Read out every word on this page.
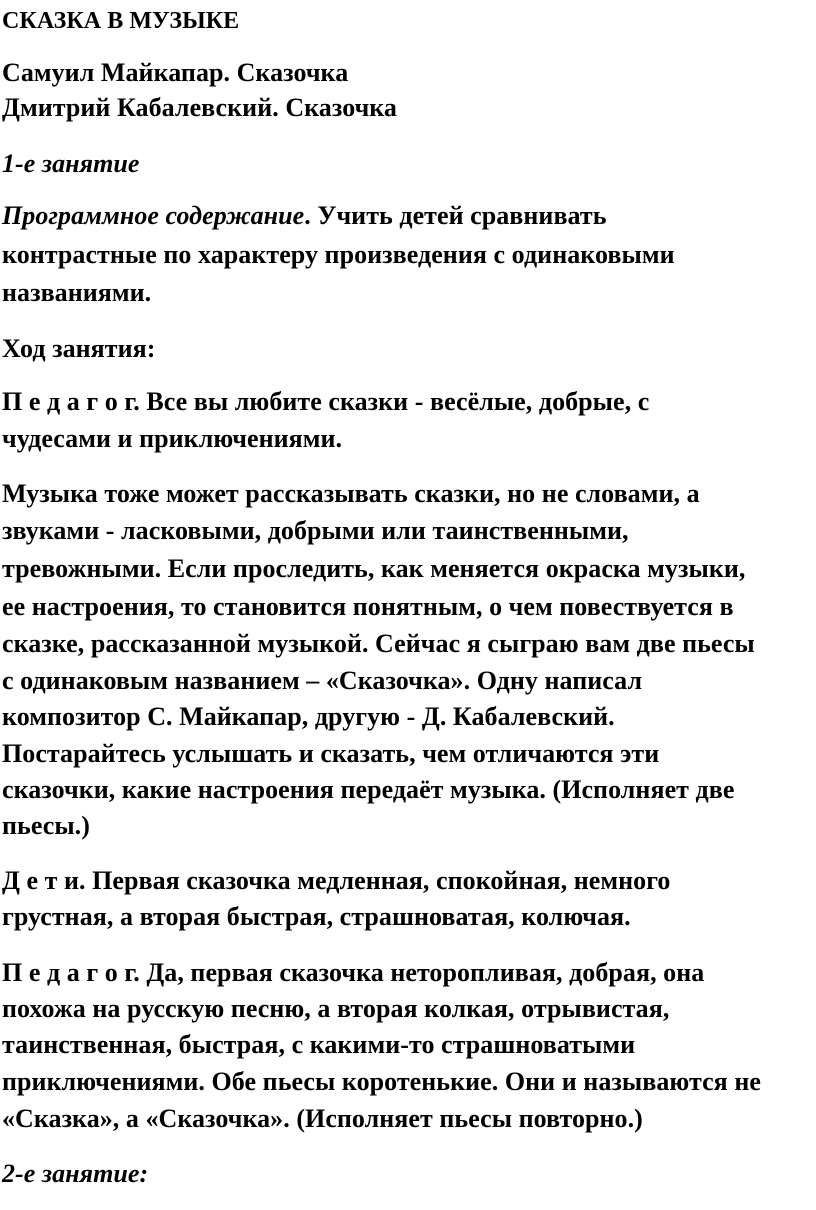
СКАЗКА В МУЗЫКЕ
Самуил Майкапар. Сказочка
Дмитрий Кабалевский. Сказочка
1-е занятие
Программное содержание. Учить детей сравнивать
контрастные по характеру произведения с одинаковыми
названиями.
Ход занятия:
П е д а г о г. Все вы любите сказки - весёлые, добрые, с
чудесами и приключениями.
Музыка тоже может рассказывать сказки, но не словами, а
звуками - ласковыми, добрыми или таинственными,
тревожными. Если проследить, как меняется окраска музыки,
ее настроения, то становится понятным, о чем повествуется в
сказке, рассказанной музыкой. Сейчас я сыграю вам две пьесы
с одинаковым названием – «Сказочка». Одну написал
композитор С. Майкапар, другую - Д. Кабалевский.
Постарайтесь услышать и сказать, чем отличаются эти
сказочки, какие настроения передаёт музыка. (Исполняет две
пьесы.)
Д е т и. Первая сказочка медленная, спокойная, немного
грустная, а вторая быстрая, страшноватая, колючая.
П е д а г о г. Да, первая сказочка неторопливая, добрая, она
похожа на русскую песню, а вторая колкая, отрывистая,
таинственная, быстрая, с какими-то страшноватыми
приключениями. Обе пьесы коротенькие. Они и называются не
«Сказка», а «Сказочка». (Исполняет пьесы повторно.)
2-е занятие:
